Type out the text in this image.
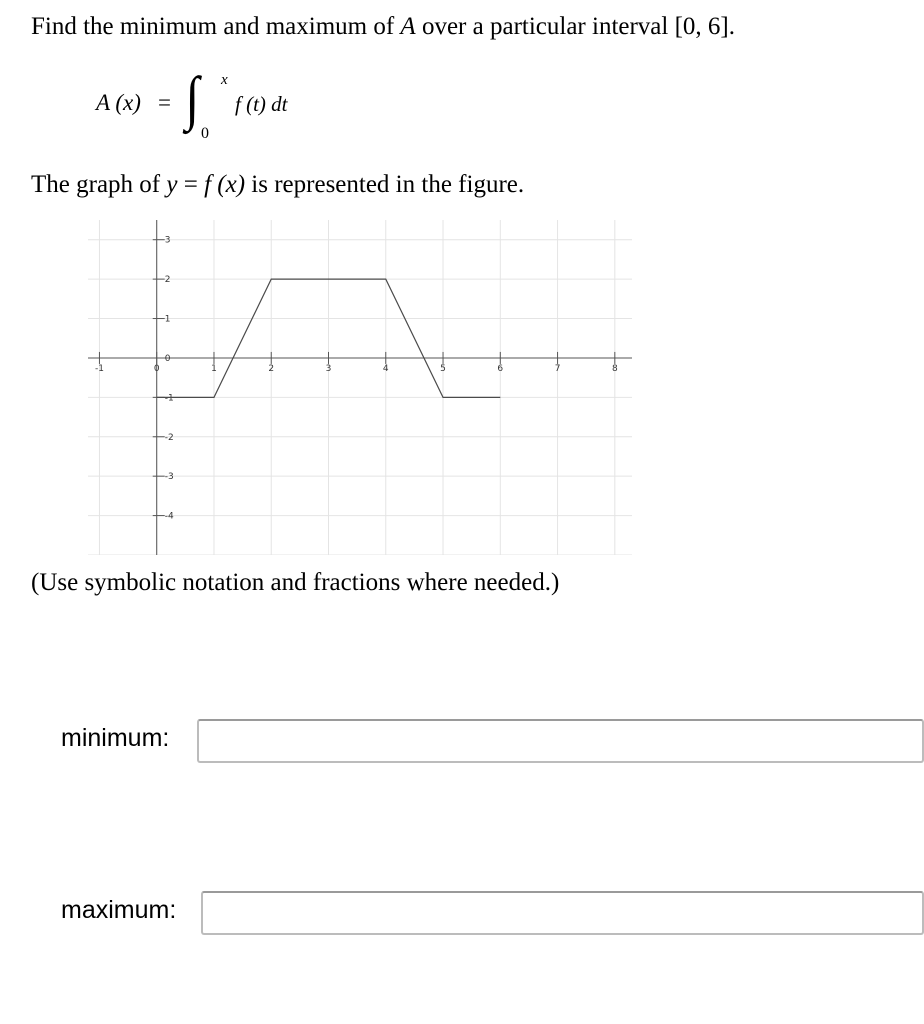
Find the minimum and maximum of A over a particular interval [0, 6].
A (x) = ∫ x
0
f (t) dt
The graph of y = f (x) is represented in the figure.
-1	0	1	2	3	4	5	6	7	8
3
2
1
0
-1
-2
-3
-4
(Use symbolic notation and fractions where needed.)
minimum:
maximum:
